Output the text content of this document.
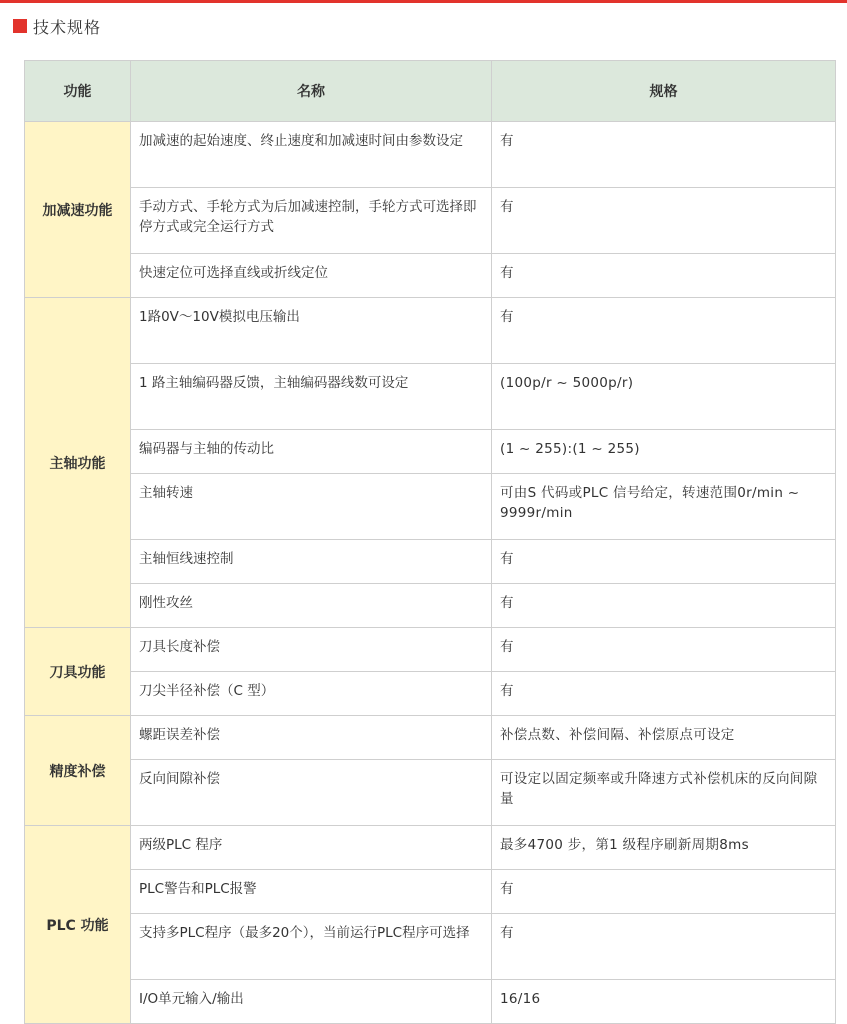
技术规格
功能	名称	规格
加减速功能	加减速的起始速度、终止速度和加减速时间由参数设定	有
	手动方式、手轮方式为后加减速控制，手轮方式可选择即停方式或完全运行方式	有
	快速定位可选择直线或折线定位	有
主轴功能	1路0V～10V模拟电压输出	有
	1 路主轴编码器反馈，主轴编码器线数可设定	(100p/r ~ 5000p/r)
	编码器与主轴的传动比	(1 ~ 255):(1 ~ 255)
	主轴转速	可由S 代码或PLC 信号给定，转速范围0r/min ~ 9999r/min
	主轴恒线速控制	有
	刚性攻丝	有
刀具功能	刀具长度补偿	有
	刀尖半径补偿（C 型）	有
精度补偿	螺距误差补偿	补偿点数、补偿间隔、补偿原点可设定
	反向间隙补偿	可设定以固定频率或升降速方式补偿机床的反向间隙量
PLC 功能	两级PLC 程序	最多4700 步，第1 级程序刷新周期8ms
	PLC警告和PLC报警	有
	支持多PLC程序（最多20个），当前运行PLC程序可选择	有
	I/O单元输入/输出	16/16
